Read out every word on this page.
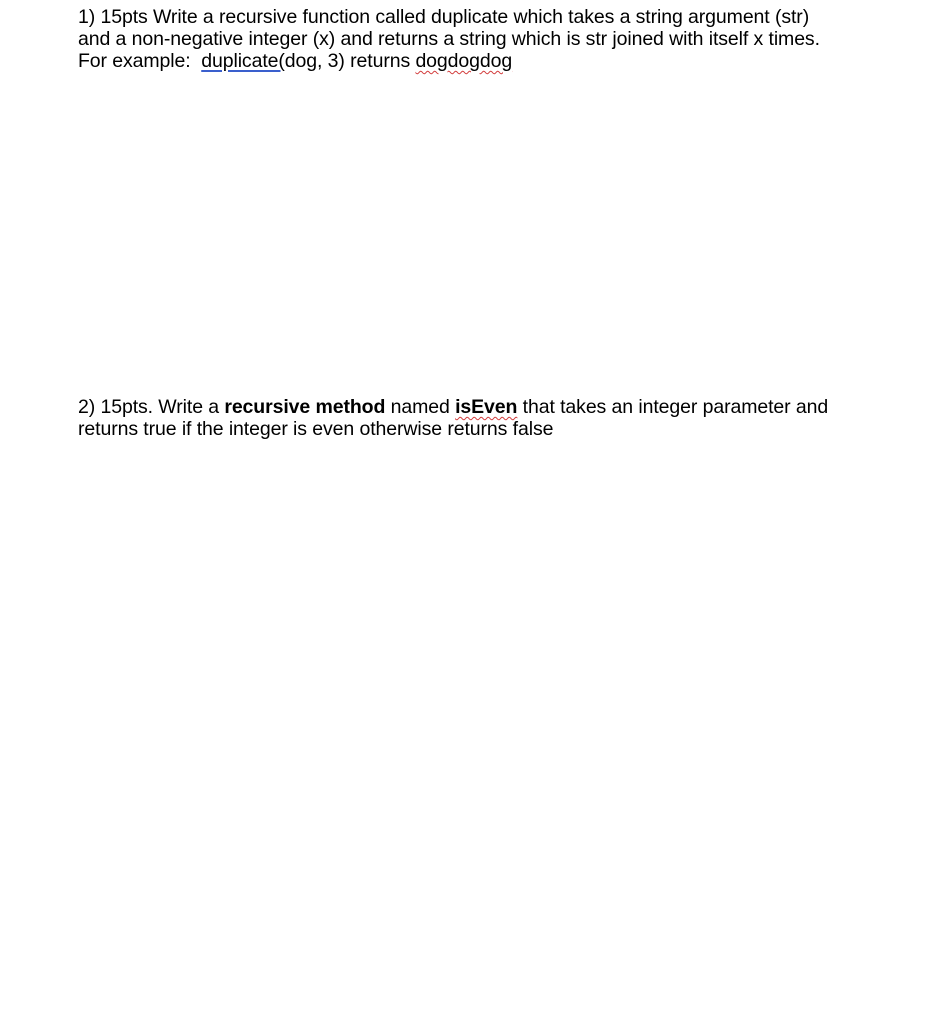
1) 15pts Write a recursive function called duplicate which takes a string argument (str)
and a non-negative integer (x) and returns a string which is str joined with itself x times.
For example:  duplicate(dog, 3) returns dogdogdog
2) 15pts. Write a recursive method named isEven that takes an integer parameter and
returns true if the integer is even otherwise returns false
